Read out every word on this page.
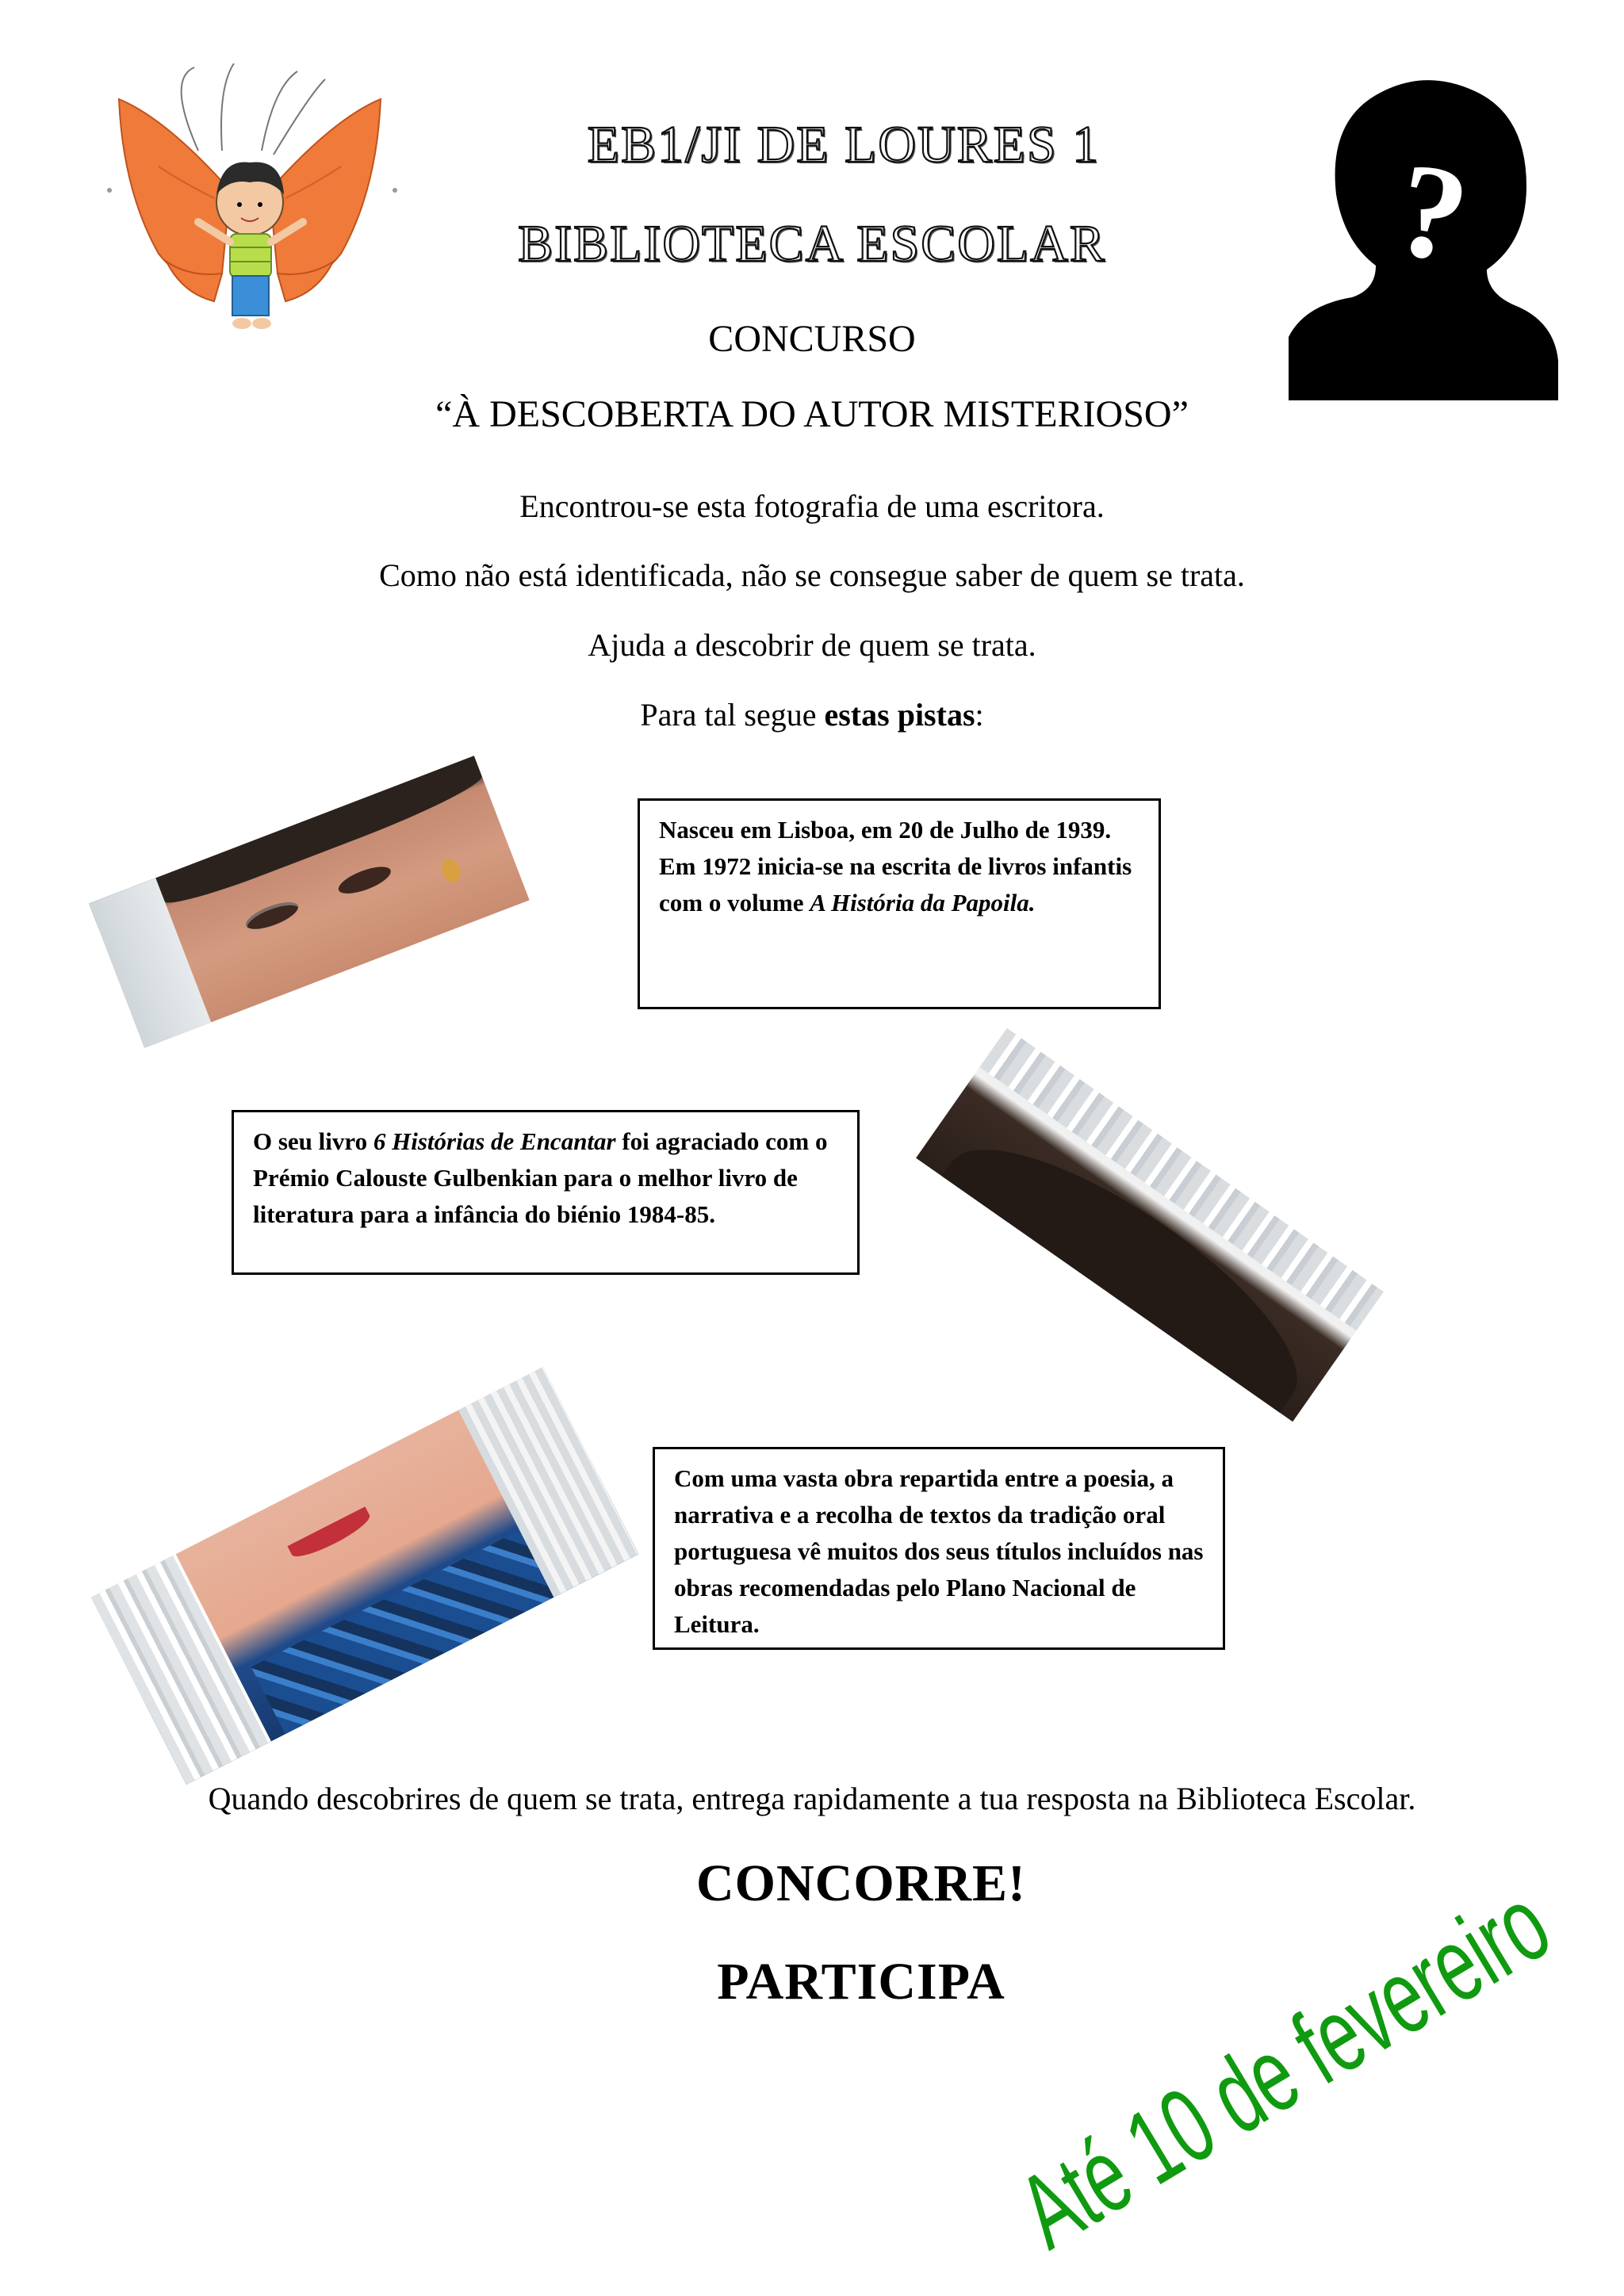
?
EB1/JI DE LOURES 1
BIBLIOTECA ESCOLAR
CONCURSO
“À DESCOBERTA DO AUTOR MISTERIOSO”
Encontrou-se esta fotografia de uma escritora.
Como não está identificada, não se consegue saber de quem se trata.
Ajuda a descobrir de quem se trata.
Para tal segue estas pistas:
Nasceu em Lisboa, em 20 de Julho de 1939.
Em 1972 inicia-se na escrita de livros infantis com o volume A História da Papoila.
O seu livro 6 Histórias de Encantar foi agraciado com o Prémio Calouste Gulbenkian para o melhor livro de literatura para a infância do biénio 1984-85.
Com uma vasta obra repartida entre a poesia, a narrativa e a recolha de textos da tradição oral portuguesa vê muitos dos seus títulos incluídos nas obras recomendadas pelo Plano Nacional de Leitura.
Quando descobrires de quem se trata, entrega rapidamente a tua resposta na Biblioteca Escolar.
CONCORRE!
PARTICIPA
Até 10 de fevereiro
